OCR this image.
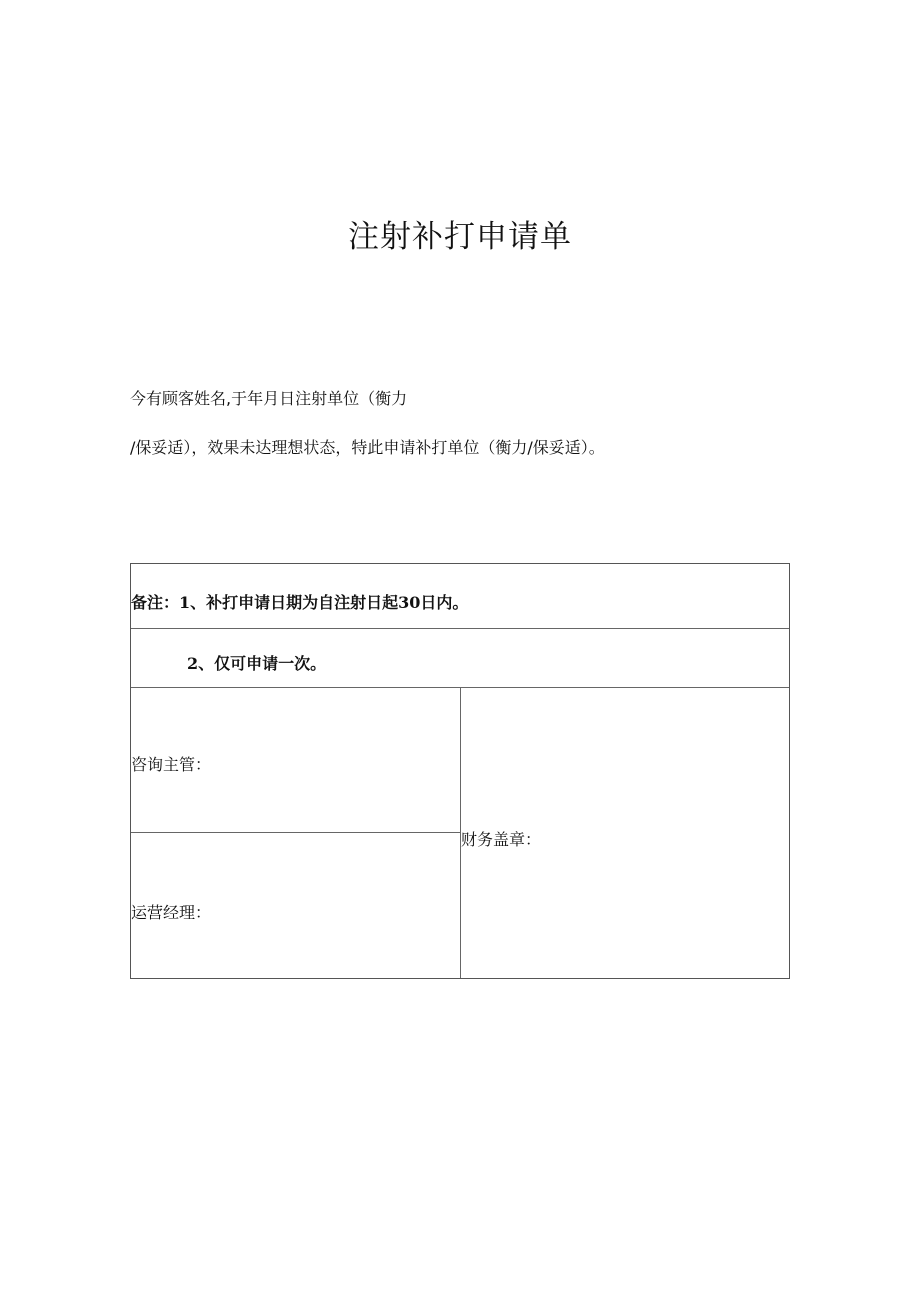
注射补打申请单
今有顾客姓名,于年月日注射单位（衡力
/保妥适），效果未达理想状态，特此申请补打单位（衡力/保妥适）。
备注：1、补打申请日期为自注射日起30日内。
2、仅可申请一次。
咨询主管：
运营经理：
财务盖章：
